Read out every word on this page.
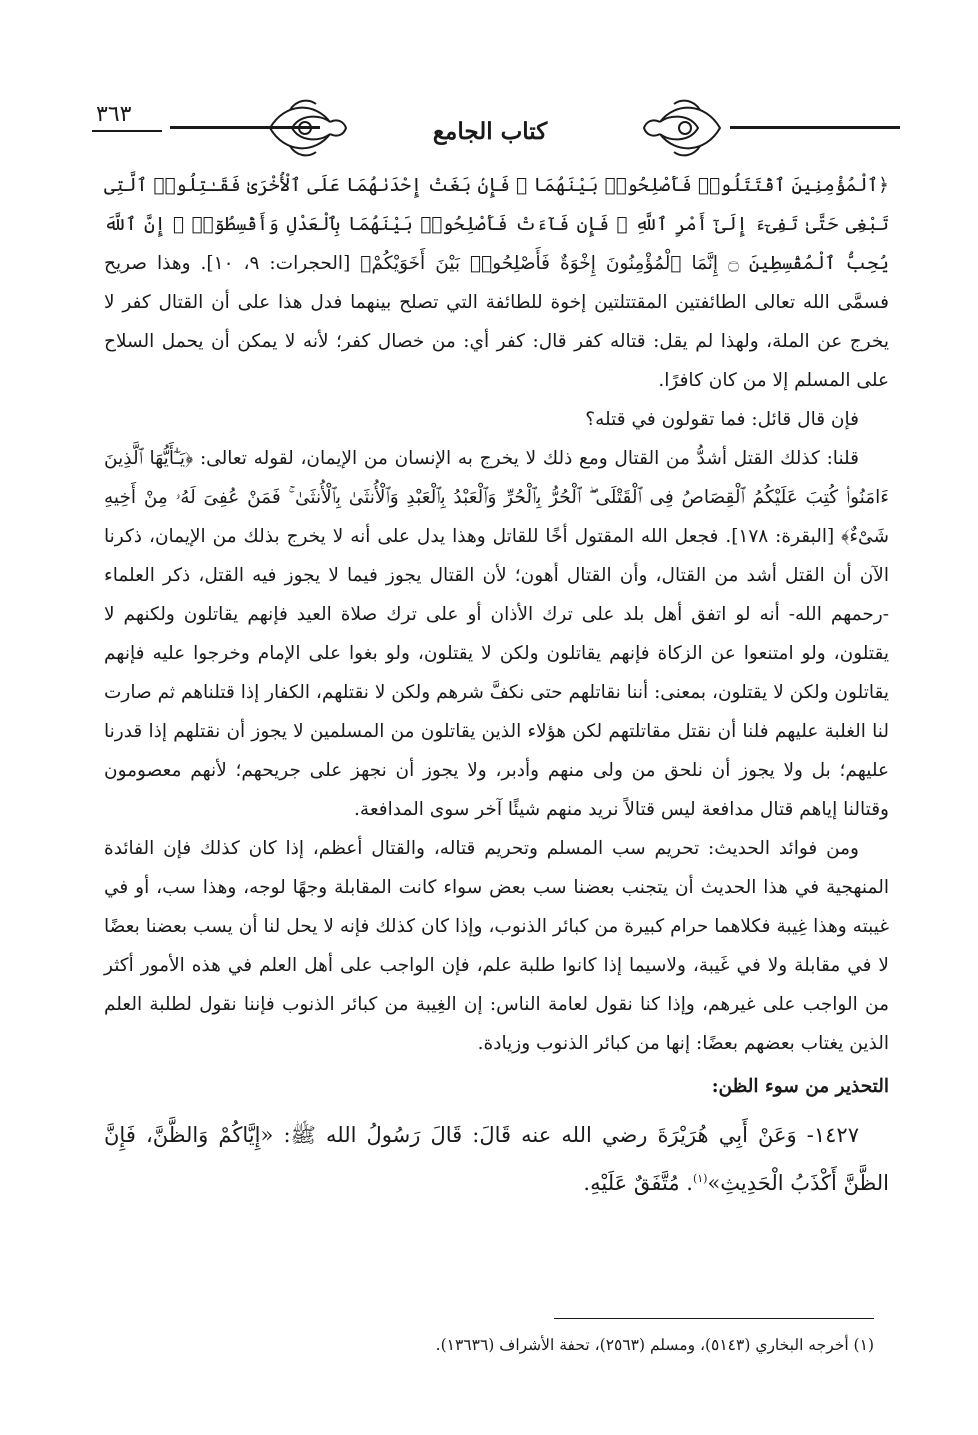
٣٦٣
كتاب الجامع

﴿ٱلْمُؤْمِنِينَ ٱقْتَتَلُوا۟ فَأَصْلِحُوا۟ بَيْنَهُمَا ۖ فَإِنۢ بَغَتْ إِحْدَىٰهُمَا عَلَى ٱلْأُخْرَىٰ فَقَـٰتِلُوا۟ ٱلَّتِى تَبْغِى حَتَّىٰ تَفِىٓءَ إِلَىٰٓ أَمْرِ ٱللَّهِ ۚ فَإِن فَآءَتْ فَأَصْلِحُوا۟ بَيْنَهُمَا بِٱلْعَدْلِ وَأَقْسِطُوٓا۟ ۖ إِنَّ ٱللَّهَ يُحِبُّ ٱلْمُقْسِطِينَ ۝ إِنَّمَا ٱلْمُؤْمِنُونَ إِخْوَةٌ فَأَصْلِحُوا۟ بَيْنَ أَخَوَيْكُمْ﴾ [الحجرات: ٩، ١٠]. وهذا صريح فسمَّى الله تعالى الطائفتين المقتتلتين إخوة للطائفة التي تصلح بينهما فدل هذا على أن القتال كفر لا يخرج عن الملة، ولهذا لم يقل: قتاله كفر قال: كفر أي: من خصال كفر؛ لأنه لا يمكن أن يحمل السلاح على المسلم إلا من كان كافرًا.

فإن قال قائل: فما تقولون في قتله؟

قلنا: كذلك القتل أشدُّ من القتال ومع ذلك لا يخرج به الإنسان من الإيمان، لقوله تعالى: ﴿يَـٰٓأَيُّهَا ٱلَّذِينَ ءَامَنُوا۟ كُتِبَ عَلَيْكُمُ ٱلْقِصَاصُ فِى ٱلْقَتْلَى ۖ ٱلْحُرُّ بِٱلْحُرِّ وَٱلْعَبْدُ بِٱلْعَبْدِ وَٱلْأُنثَىٰ بِٱلْأُنثَىٰ ۚ فَمَنْ عُفِىَ لَهُۥ مِنْ أَخِيهِ شَىْءٌ﴾ [البقرة: ١٧٨]. فجعل الله المقتول أخًا للقاتل وهذا يدل على أنه لا يخرج بذلك من الإيمان، ذكرنا الآن أن القتل أشد من القتال، وأن القتال أهون؛ لأن القتال يجوز فيما لا يجوز فيه القتل، ذكر العلماء -رحمهم الله- أنه لو اتفق أهل بلد على ترك الأذان أو على ترك صلاة العيد فإنهم يقاتلون ولكنهم لا يقتلون، ولو امتنعوا عن الزكاة فإنهم يقاتلون ولكن لا يقتلون، ولو بغوا على الإمام وخرجوا عليه فإنهم يقاتلون ولكن لا يقتلون، بمعنى: أننا نقاتلهم حتى نكفَّ شرهم ولكن لا نقتلهم، الكفار إذا قتلناهم ثم صارت لنا الغلبة عليهم فلنا أن نقتل مقاتلتهم لكن هؤلاء الذين يقاتلون من المسلمين لا يجوز أن نقتلهم إذا قدرنا عليهم؛ بل ولا يجوز أن نلحق من ولى منهم وأدبر، ولا يجوز أن نجهز على جريحهم؛ لأنهم معصومون وقتالنا إياهم قتال مدافعة ليس قتالاً نريد منهم شيئًا آخر سوى المدافعة.

ومن فوائد الحديث: تحريم سب المسلم وتحريم قتاله، والقتال أعظم، إذا كان كذلك فإن الفائدة المنهجية في هذا الحديث أن يتجنب بعضنا سب بعض سواء كانت المقابلة وجهًا لوجه، وهذا سب، أو في غيبته وهذا غِيبة فكلاهما حرام كبيرة من كبائر الذنوب، وإذا كان كذلك فإنه لا يحل لنا أن يسب بعضنا بعضًا لا في مقابلة ولا في غَيبة، ولاسيما إذا كانوا طلبة علم، فإن الواجب على أهل العلم في هذه الأمور أكثر من الواجب على غيرهم، وإذا كنا نقول لعامة الناس: إن الغِيبة من كبائر الذنوب فإننا نقول لطلبة العلم الذين يغتاب بعضهم بعضًا: إنها من كبائر الذنوب وزيادة.

التحذير من سوء الظن:

١٤٢٧- وَعَنْ أَبِي هُرَيْرَةَ رضي الله عنه قَالَ: قَالَ رَسُولُ الله ﷺ: «إِيَّاكُمْ وَالظَّنَّ، فَإِنَّ الظَّنَّ أَكْذَبُ الْحَدِيثِ»$^{(١)}$. مُتَّفَقٌ عَلَيْهِ.

(١) أخرجه البخاري (٥١٤٣)، ومسلم (٢٥٦٣)، تحفة الأشراف (١٣٦٣٦).
